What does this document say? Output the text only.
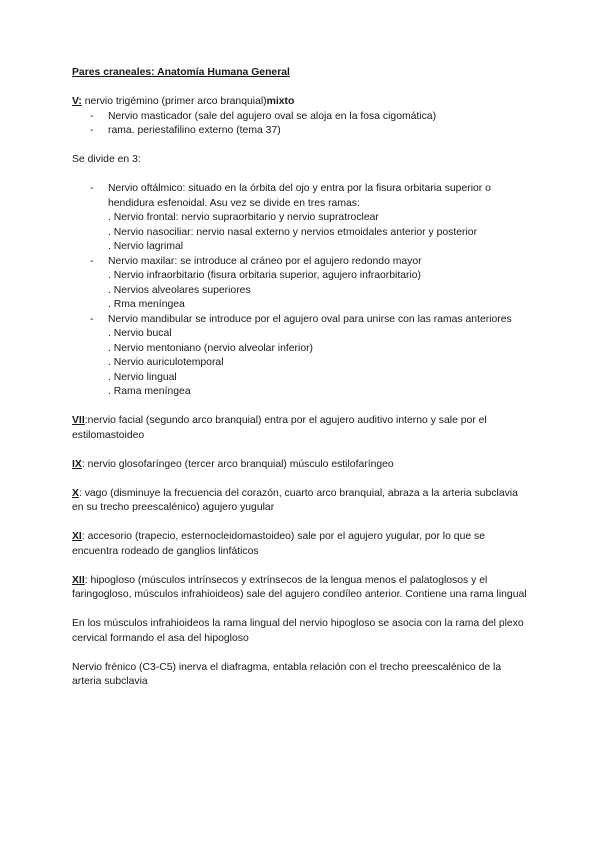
Pares craneales: Anatomía Humana General

V: nervio trigémino (primer arco branquial)mixto

- Nervio masticador (sale del agujero oval se aloja en la fosa cigomática)
- rama. periestafilino externo (tema 37)

Se divide en 3:

- Nervio oftálmico: situado en la órbita del ojo y entra por la fisura orbitaria superior o hendidura esfenoidal. Asu vez se divide en tres ramas:
. Nervio frontal: nervio supraorbitario y nervio supratroclear
. Nervio nasociliar: nervio nasal externo y nervios etmoidales anterior y posterior
. Nervio lagrimal
- Nervio maxilar: se introduce al cráneo por el agujero redondo mayor
. Nervio infraorbitario (fisura orbitaria superior, agujero infraorbitario)
. Nervios alveolares superiores
. Rma meníngea
- Nervio mandibular se introduce por el agujero oval para unirse con las ramas anteriores
. Nervio bucal
. Nervio mentoniano (nervio alveolar inferior)
. Nervio auriculotemporal
. Nervio lingual
. Rama meníngea

VII:nervio facial (segundo arco branquial) entra por el agujero auditivo interno y sale por el estilomastoideo

IX: nervio glosofaríngeo (tercer arco branquial) músculo estilofaríngeo

X: vago (disminuye la frecuencia del corazón, cuarto arco branquial, abraza a la arteria subclavia en su trecho preescalénico) agujero yugular

XI: accesorio (trapecio, esternocleidomastoideo) sale por el agujero yugular, por lo que se encuentra rodeado de ganglios linfáticos

XII: hipogloso (músculos intrínsecos y extrínsecos de la lengua menos el palatoglosos y el faringogloso, músculos infrahioideos) sale del agujero condíleo anterior. Contiene una rama lingual

En los músculos infrahioideos la rama lingual del nervio hipogloso se asocia con la rama del plexo cervical formando el asa del hipogloso

Nervio frénico (C3-C5) inerva el diafragma, entabla relación con el trecho preescalénico de la arteria subclavia
